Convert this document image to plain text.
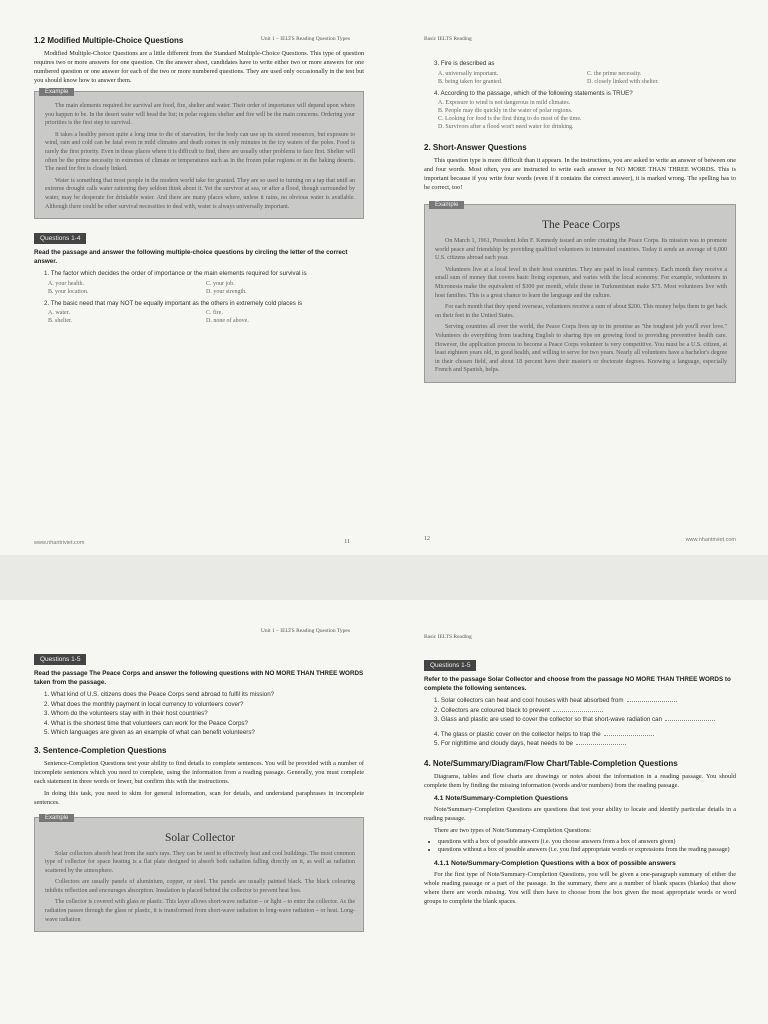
Unit 1 – IELTS Reading Question Types
1.2 Modified Multiple-Choice Questions

Modified Multiple-Choice Questions are a little different from the Standard Multiple-Choice Questions. This type of question requires two or more answers for one question. On the answer sheet, candidates have to write either two or more answers for one numbered question or one answer for each of the two or more numbered questions. They are used only occasionally in the test but you should know how to answer them.

Example

The main elements required for survival are food, fire, shelter and water. Their order of importance will depend upon where you happen to be. In the desert water will head the list; in polar regions shelter and fire will be the main concerns. Ordering your priorities is the first step to survival.

It takes a healthy person quite a long time to die of starvation, for the body can use up its stored resources, but exposure to wind, rain and cold can be fatal even in mild climates and death comes in only minutes in the icy waters of the poles. Food is rarely the first priority. Even in those places where it is difficult to find, there are usually other problems to face first. Shelter will often be the prime necessity in extremes of climate or temperatures such as in the frozen polar regions or in the baking deserts. The need for fire is closely linked.

Water is something that most people in the modern world take for granted. They are so used to turning on a tap that until an extreme drought calls water rationing they seldom think about it. Yet the survivor at sea, or after a flood, though surrounded by water, may be desperate for drinkable water. And there are many places where, unless it rains, no obvious water is available. Although there could be other survival necessities to deal with, water is always universally important.

Questions 1-4
Read the passage and answer the following multiple-choice questions by circling the letter of the correct answer.
1. The factor which decides the order of importance or the main elements required for survival is
A. your health.	C. your job.
B. your location.	D. your strength.
2. The basic need that may NOT be equally important as the others in extremely cold places is
A. water.	C. fire.
B. shelter.	D. none of above.
www.nhantriviet.com	11
Basic IELTS Reading
3. Fire is described as
A. universally important.	C. the prime necessity.
B. being taken for granted.	D. closely linked with shelter.
4. According to the passage, which of the following statements is TRUE?
A. Exposure to wind is not dangerous in mild climates.
B. People may die quickly in the water of polar regions.
C. Looking for food is the first thing to do most of the time.
D. Survivors after a flood won't need water for drinking.
2. Short-Answer Questions

This question type is more difficult than it appears. In the instructions, you are asked to write an answer of between one and four words. Most often, you are instructed to write each answer in NO MORE THAN THREE WORDS. This is important because if you write four words (even if it contains the correct answer), it is marked wrong. The spelling has to be correct, too!

Example
The Peace Corps

On March 1, 1961, President John F. Kennedy issued an order creating the Peace Corps. Its mission was to promote world peace and friendship by providing qualified volunteers to interested countries. Today it sends an average of 6,000 U.S. citizens abroad each year.

Volunteers live at a local level in their host countries. They are paid in local currency. Each month they receive a small sum of money that covers basic living expenses, and varies with the local economy. For example, volunteers in Micronesia make the equivalent of $300 per month, while those in Turkmenistan make $75. Most volunteers live with host families. This is a great chance to learn the language and the culture.

For each month that they spend overseas, volunteers receive a sum of about $200. This money helps them to get back on their feet in the United States.

Serving countries all over the world, the Peace Corps lives up to its promise as "the toughest job you'll ever love." Volunteers do everything from teaching English to sharing tips on growing food to providing preventive health care. However, the application process to become a Peace Corps volunteer is very competitive. You must be a U.S. citizen, at least eighteen years old, in good health, and willing to serve for two years. Nearly all volunteers have a bachelor's degree in their chosen field, and about 18 percent have their master's or doctorate degrees. Knowing a language, especially French and Spanish, helps.

12	www.nhantriviet.com
Unit 1 – IELTS Reading Question Types
Questions 1-5
Read the passage The Peace Corps and answer the following questions with NO MORE THAN THREE WORDS taken from the passage.
1. What kind of U.S. citizens does the Peace Corps send abroad to fulfil its mission?
2. What does the monthly payment in local currency to volunteers cover?
3. Whom do the volunteers stay with in their host countries?
4. What is the shortest time that volunteers can work for the Peace Corps?
5. Which languages are given as an example of what can benefit volunteers?
3. Sentence-Completion Questions

Sentence-Completion Questions test your ability to find details to complete sentences. You will be provided with a number of incomplete sentences which you need to complete, using the information from a reading passage. Generally, you must complete each statement in three words or fewer, but confirm this with the instructions.

In doing this task, you need to skim for general information, scan for details, and understand paraphrases in incomplete sentences.

Example
Solar Collector

Solar collectors absorb heat from the sun's rays. They can be used to effectively heat and cool buildings. The most common type of collector for space heating is a flat plate designed to absorb both radiation falling directly on it, as well as radiation scattered by the atmosphere.

Collectors are usually panels of aluminium, copper, or steel. The panels are usually painted black. The black colouring inhibits reflection and encourages absorption. Insulation is placed behind the collector to prevent heat loss.

The collector is covered with glass or plastic. This layer allows short-wave radiation – or light – to enter the collector. As the radiation passes through the glass or plastic, it is transformed from short-wave radiation to long-wave radiation – or heat. Long-wave radiation

Basic IELTS Reading
Questions 1-5
Refer to the passage Solar Collector and choose from the passage NO MORE THAN THREE WORDS to complete the following sentences.
1. Solar collectors can heat and cool houses with heat absorbed from
2. Collectors are coloured black to prevent
3. Glass and plastic are used to cover the collector so that short-wave radiation can
4. The glass or plastic cover on the collector helps to trap the
5. For nighttime and cloudy days, heat needs to be
4. Note/Summary/Diagram/Flow Chart/Table-Completion Questions

Diagrams, tables and flow charts are drawings or notes about the information in a reading passage. You should complete them by finding the missing information (words and/or numbers) from the reading passage.

4.1 Note/Summary-Completion Questions

Note/Summary-Completion Questions are questions that test your ability to locate and identify particular details in a reading passage.

There are two types of Note/Summary-Completion Questions:

• questions with a box of possible answers (i.e. you choose answers from a box of answers given)
• questions without a box of possible answers (i.e. you find appropriate words or expressions from the reading passage)
4.1.1 Note/Summary-Completion Questions with a box of possible answers

For the first type of Note/Summary-Completion Questions, you will be given a one-paragraph summary of either the whole reading passage or a part of the passage. In the summary, there are a number of blank spaces (blanks) that show where there are words missing. You will then have to choose from the box given the most appropriate words or word groups to complete the blank spaces.
